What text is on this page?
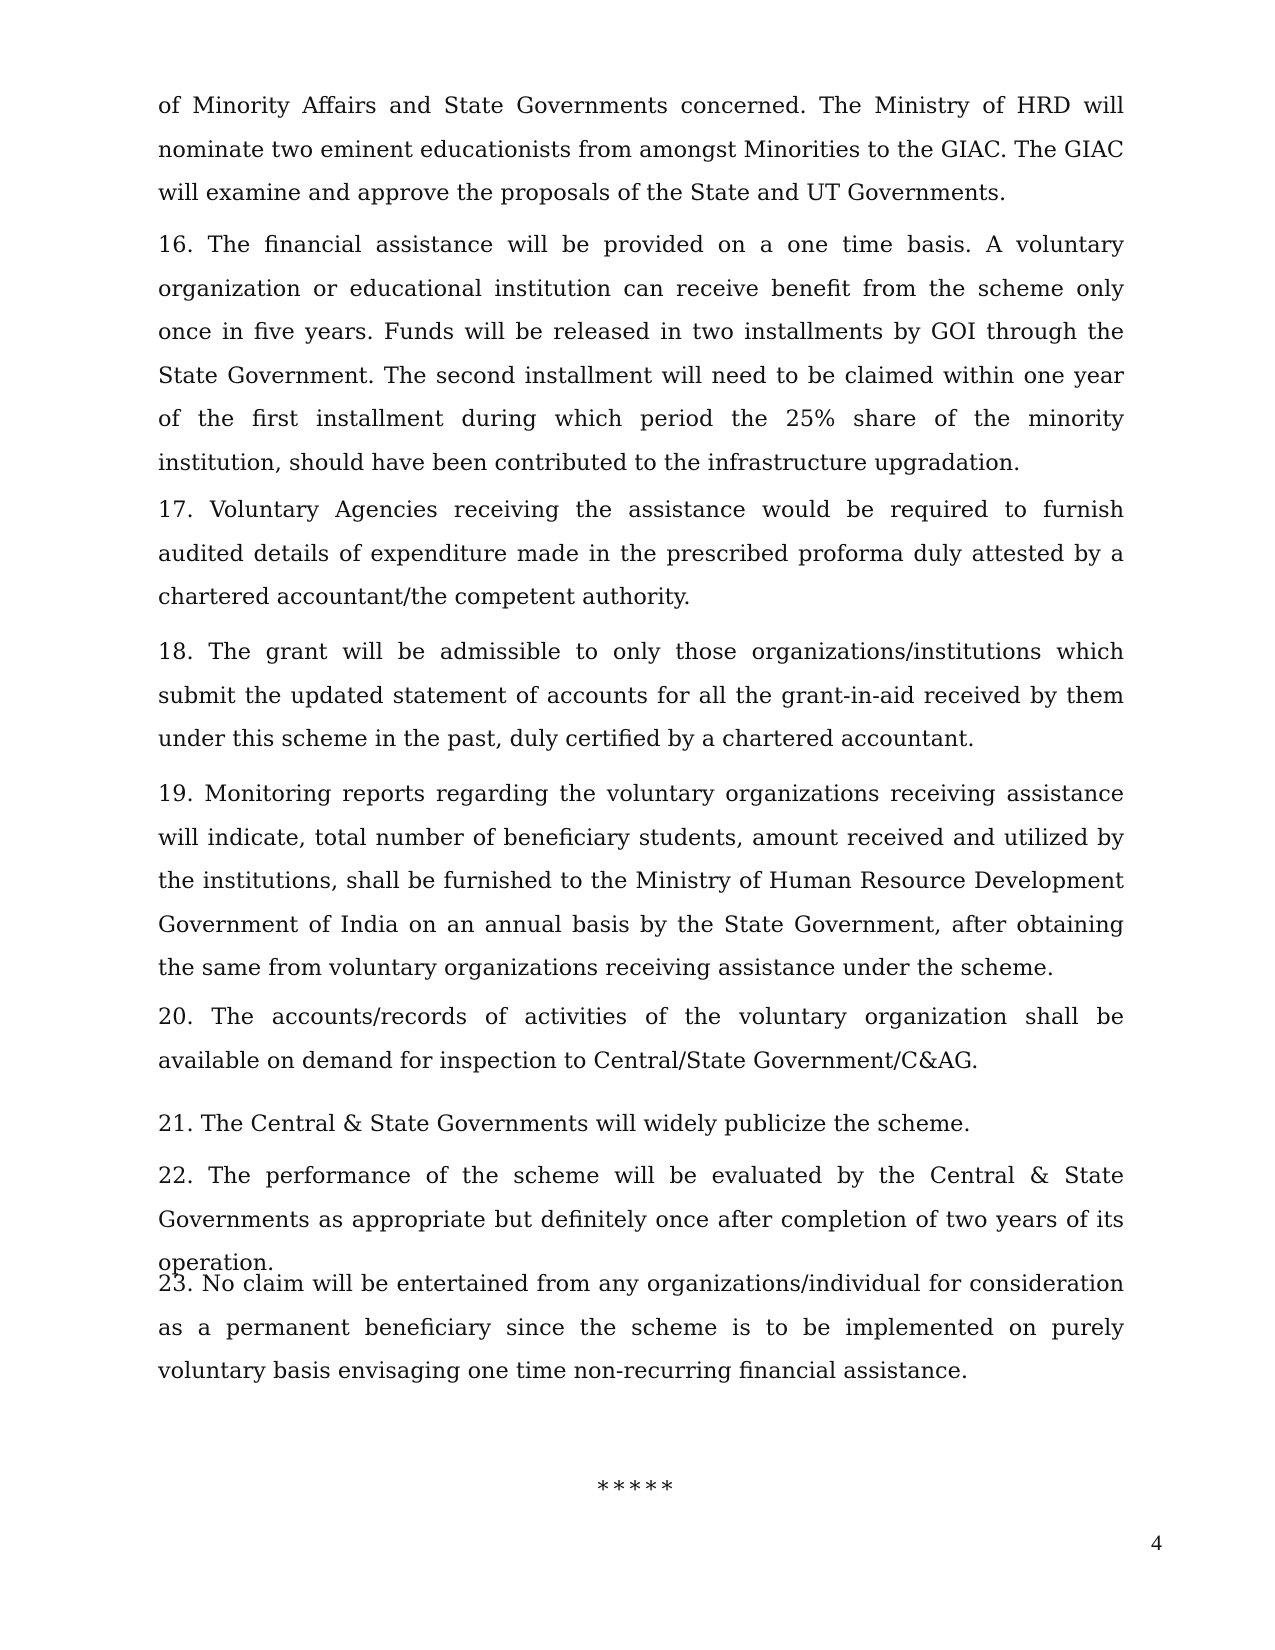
of Minority Affairs and State Governments concerned. The Ministry of HRD will nominate two eminent educationists from amongst Minorities to the GIAC. The GIAC will examine and approve the proposals of the State and UT Governments.

16. The financial assistance will be provided on a one time basis. A voluntary organization or educational institution can receive benefit from the scheme only once in five years. Funds will be released in two installments by GOI through the State Government. The second installment will need to be claimed within one year of the first installment during which period the 25% share of the minority institution, should have been contributed to the infrastructure upgradation.

17. Voluntary Agencies receiving the assistance would be required to furnish audited details of expenditure made in the prescribed proforma duly attested by a chartered accountant/the competent authority.

18. The grant will be admissible to only those organizations/institutions which submit the updated statement of accounts for all the grant-in-aid received by them under this scheme in the past, duly certified by a chartered accountant.

19. Monitoring reports regarding the voluntary organizations receiving assistance will indicate, total number of beneficiary students, amount received and utilized by the institutions, shall be furnished to the Ministry of Human Resource Development Government of India on an annual basis by the State Government, after obtaining the same from voluntary organizations receiving assistance under the scheme.

20. The accounts/records of activities of the voluntary organization shall be available on demand for inspection to Central/State Government/C&AG.

21. The Central & State Governments will widely publicize the scheme.

22. The performance of the scheme will be evaluated by the Central & State Governments as appropriate but definitely once after completion of two years of its operation.

23. No claim will be entertained from any organizations/individual for consideration as a permanent beneficiary since the scheme is to be implemented on purely voluntary basis envisaging one time non-recurring financial assistance.

*****
4
